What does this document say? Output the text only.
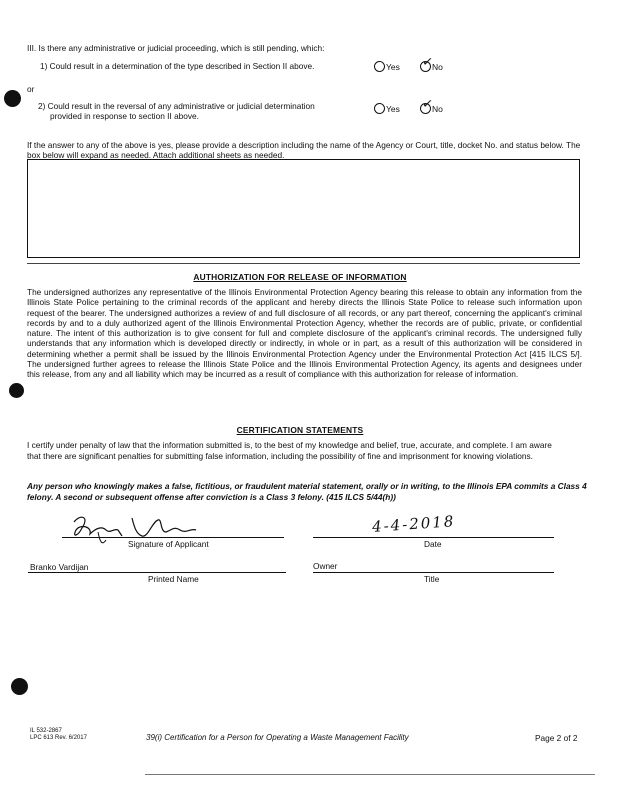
III. Is there any administrative or judicial proceeding, which is still pending, which:
1) Could result in a determination of the type described in Section II above.	Yes ✓
No
or
2) Could result in the reversal of any administrative or judicial determination
provided in response to section II above.
Yes ✓
No
If the answer to any of the above is yes, please provide a description including the name of the Agency or Court, title, docket No. and status below. The box below will expand as needed. Attach additional sheets as needed.
AUTHORIZATION FOR RELEASE OF INFORMATION
The undersigned authorizes any representative of the Illinois Environmental Protection Agency bearing this release to obtain any information from the Illinois State Police pertaining to the criminal records of the applicant and hereby directs the Illinois State Police to release such information upon request of the bearer. The undersigned authorizes a review of and full disclosure of all records, or any part thereof, concerning the applicant's criminal records by and to a duly authorized agent of the Illinois Environmental Protection Agency, whether the records are of public, private, or confidential nature. The intent of this authorization is to give consent for full and complete disclosure of the applicant's criminal records. The undersigned fully understands that any information which is developed directly or indirectly, in whole or in part, as a result of this authorization will be considered in determining whether a permit shall be issued by the Illinois Environmental Protection Agency under the Environmental Protection Act [415 ILCS 5/]. The undersigned further agrees to release the Illinois State Police and the Illinois Environmental Protection Agency, its agents and designees under this release, from any and all liability which may be incurred as a result of compliance with this authorization for release of information.
CERTIFICATION STATEMENTS
I certify under penalty of law that the information submitted is, to the best of my knowledge and belief, true, accurate, and complete. I am aware that there are significant penalties for submitting false information, including the possibility of fine and imprisonment for knowing violations.
Any person who knowingly makes a false, fictitious, or fraudulent material statement, orally or in writing, to the Illinois EPA commits a Class 4 felony. A second or subsequent offense after conviction is a Class 3 felony. (415 ILCS 5/44(h))
Signature of Applicant
4-4-2018
Date
Branko Vardijan
Printed Name
Owner
Title
IL 532-2867
LPC 613 Rev. 6/2017	39(i) Certification for a Person for Operating a Waste Management Facility	Page 2 of 2
